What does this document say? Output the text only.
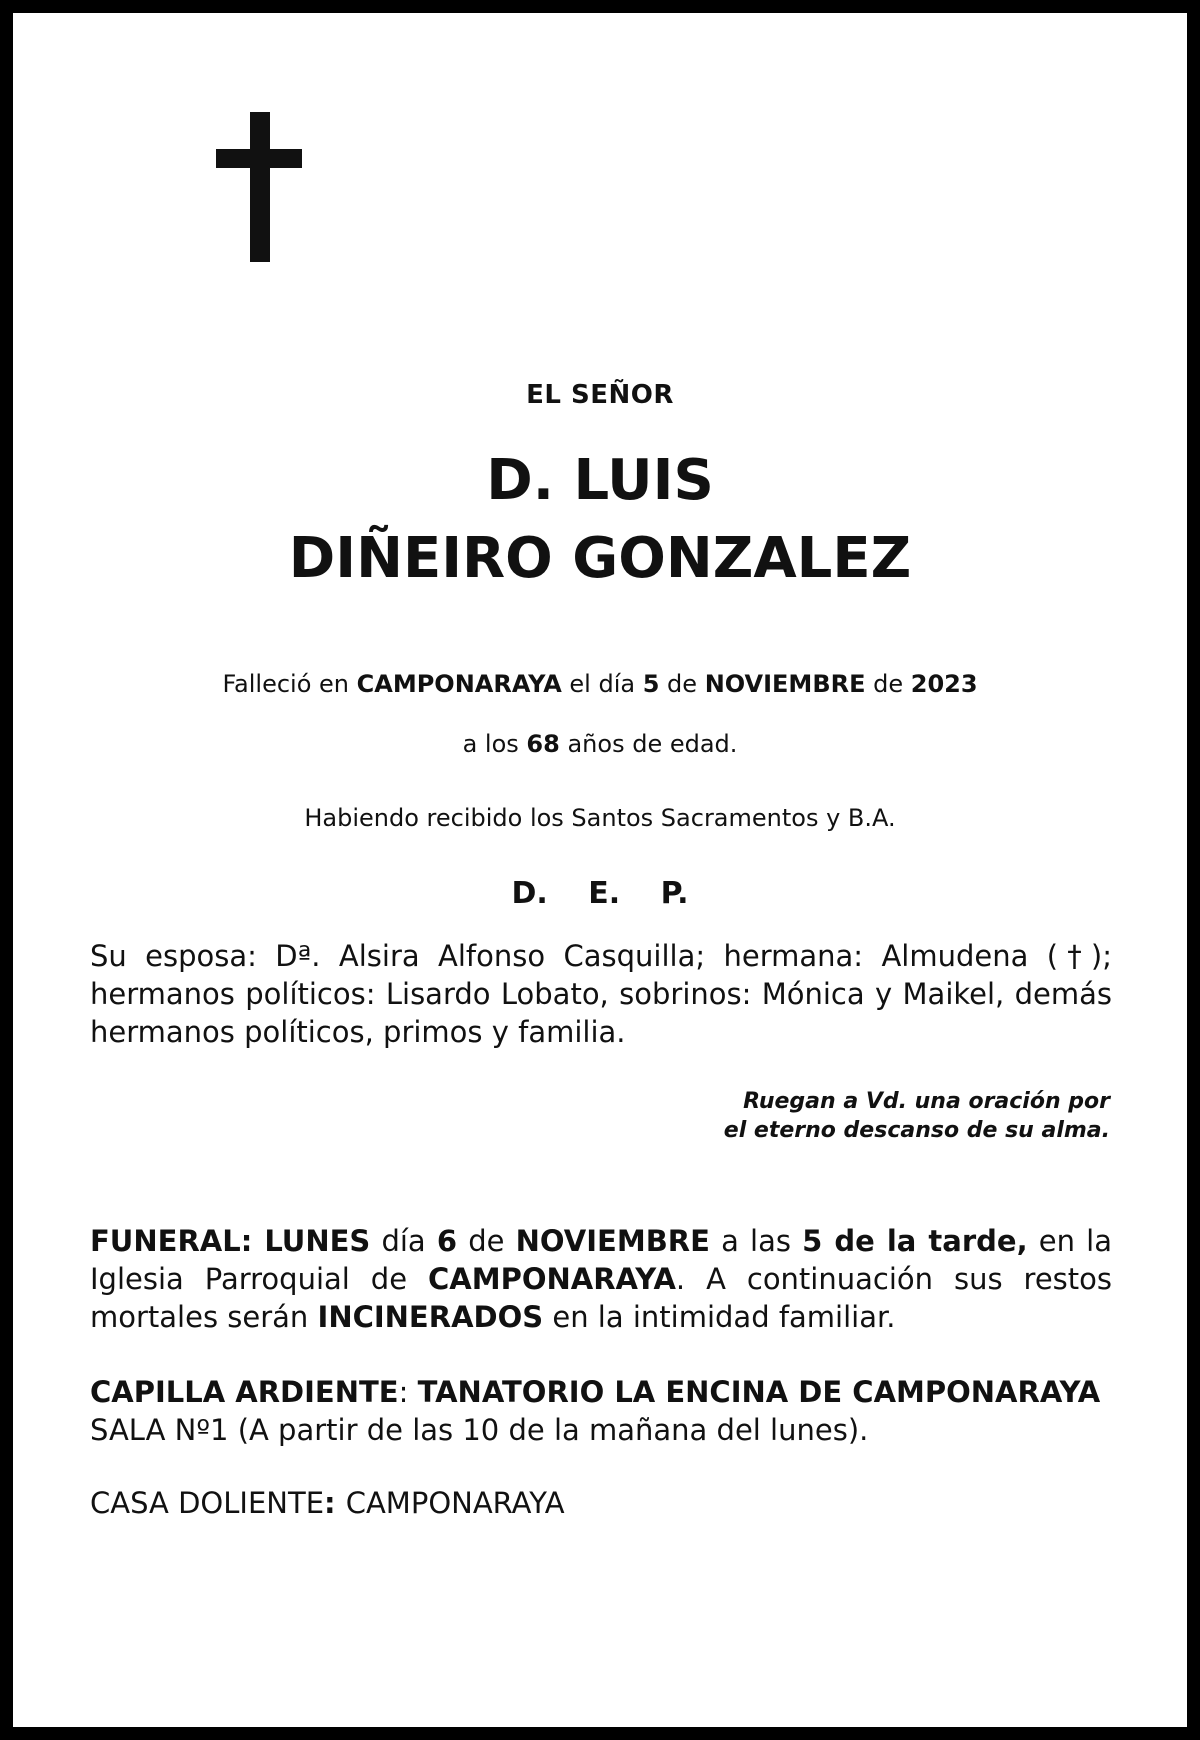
EL SEÑOR
D. LUIS
DIÑEIRO GONZALEZ
Falleció en CAMPONARAYA el día 5 de NOVIEMBRE de 2023
a los 68 años de edad.
Habiendo recibido los Santos Sacramentos y B.A.
D. E. P.
Su esposa: Dª. Alsira Alfonso Casquilla; hermana: Almudena (†); hermanos políticos: Lisardo Lobato, sobrinos: Mónica y Maikel, demás hermanos políticos, primos y familia.
Ruegan a Vd. una oración por
el eterno descanso de su alma.
FUNERAL: LUNES día 6 de NOVIEMBRE a las 5 de la tarde, en la Iglesia Parroquial de CAMPONARAYA. A continuación sus restos mortales serán INCINERADOS en la intimidad familiar.
CAPILLA ARDIENTE: TANATORIO LA ENCINA DE CAMPONARAYA
SALA Nº1 (A partir de las 10 de la mañana del lunes).
CASA DOLIENTE: CAMPONARAYA
